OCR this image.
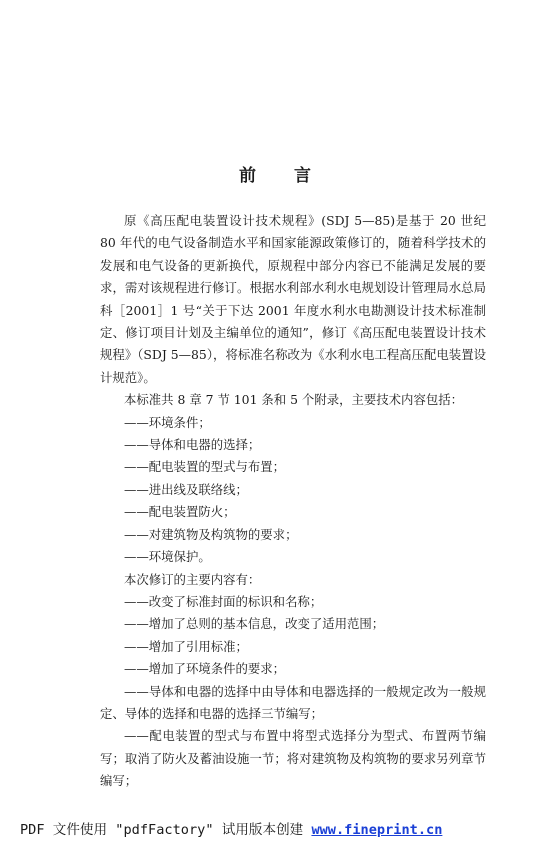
前言

原《高压配电装置设计技术规程》(SDJ 5—85)是基于 20 世纪 80 年代的电气设备制造水平和国家能源政策修订的，随着科学技术的发展和电气设备的更新换代，原规程中部分内容已不能满足发展的要求，需对该规程进行修订。根据水利部水利水电规划设计管理局水总局科［2001］1 号“关于下达 2001 年度水利水电勘测设计技术标准制定、修订项目计划及主编单位的通知”，修订《高压配电装置设计技术规程》（SDJ 5—85），将标准名称改为《水利水电工程高压配电装置设计规范》。

本标准共 8 章 7 节 101 条和 5 个附录，主要技术内容包括：

——环境条件；

——导体和电器的选择；

——配电装置的型式与布置；

——进出线及联络线；

——配电装置防火；

——对建筑物及构筑物的要求；

——环境保护。

本次修订的主要内容有：

——改变了标准封面的标识和名称；

——增加了总则的基本信息，改变了适用范围；

——增加了引用标准；

——增加了环境条件的要求；

——导体和电器的选择中由导体和电器选择的一般规定改为一般规定、导体的选择和电器的选择三节编写；

——配电装置的型式与布置中将型式选择分为型式、布置两节编写；取消了防火及蓄油设施一节；将对建筑物及构筑物的要求另列章节编写；

PDF 文件使用 "pdfFactory" 试用版本创建 www.fineprint.cn
